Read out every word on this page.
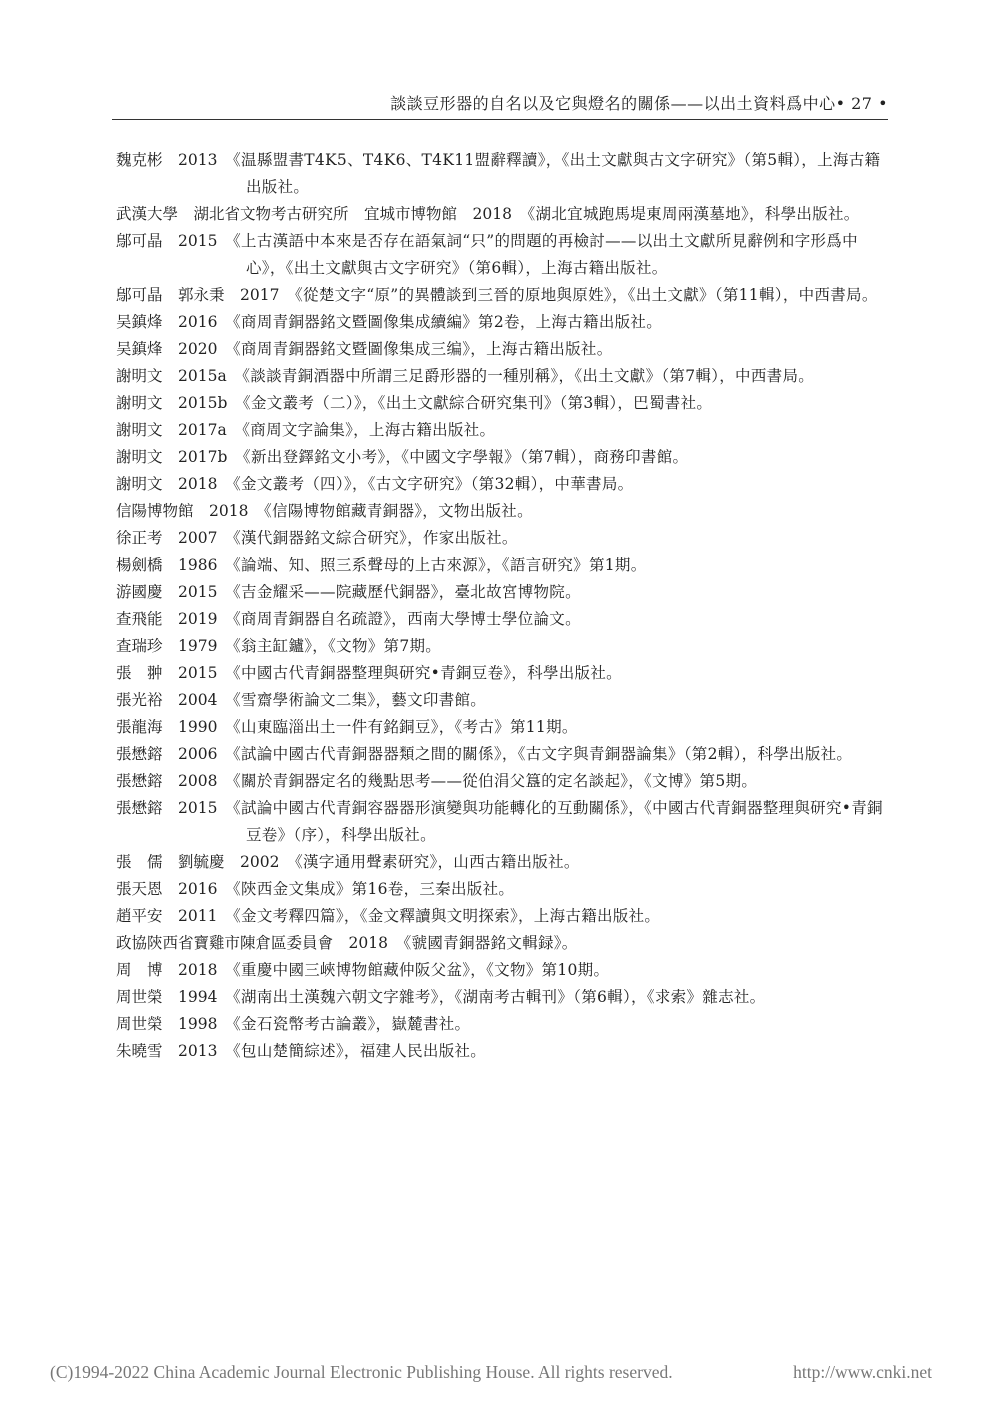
談談豆形器的自名以及它與燈名的關係——以出土資料爲中心• 27 •
魏克彬　 2013　 《温縣盟書T4K5、T4K6、T4K11盟辭釋讀》，《出土文獻與古文字研究》（第5輯），上海古籍出版社。
武漢大學　湖北省文物考古研究所　宜城市博物館　 2018　 《湖北宜城跑馬堤東周兩漢墓地》，科學出版社。
鄔可晶　 2015　 《上古漢語中本來是否存在語氣詞“只”的問題的再檢討——以出土文獻所見辭例和字形爲中心》，《出土文獻與古文字研究》（第6輯），上海古籍出版社。
鄔可晶　郭永秉　 2017　 《從楚文字“原”的異體談到三晉的原地與原姓》，《出土文獻》（第11輯），中西書局。
吴鎮烽　 2016　 《商周青銅器銘文暨圖像集成續編》第2卷，上海古籍出版社。
吴鎮烽　 2020　 《商周青銅器銘文暨圖像集成三编》，上海古籍出版社。
謝明文　 2015a　 《談談青銅酒器中所謂三足爵形器的一種別稱》，《出土文獻》（第7輯），中西書局。
謝明文　 2015b　 《金文叢考（二）》，《出土文獻綜合研究集刊》（第3輯），巴蜀書社。
謝明文　 2017a　 《商周文字論集》，上海古籍出版社。
謝明文　 2017b　 《新出登鐸銘文小考》，《中國文字學報》（第7輯），商務印書館。
謝明文　 2018　 《金文叢考（四）》，《古文字研究》（第32輯），中華書局。
信陽博物館　 2018　 《信陽博物館藏青銅器》，文物出版社。
徐正考　 2007　 《漢代銅器銘文綜合研究》，作家出版社。
楊劍橋　 1986　 《論端、知、照三系聲母的上古來源》，《語言研究》第1期。
游國慶　 2015　 《吉金耀采——院藏歷代銅器》，臺北故宮博物院。
查飛能　 2019　 《商周青銅器自名疏證》，西南大學博士學位論文。
查瑞珍　 1979　 《翁主缸鑪》，《文物》第7期。
張　翀　 2015　 《中國古代青銅器整理與研究•青銅豆卷》，科學出版社。
張光裕　 2004　 《雪齋學術論文二集》，藝文印書館。
張龍海　 1990　 《山東臨淄出土一件有銘銅豆》，《考古》第11期。
張懋鎔　 2006　 《試論中國古代青銅器器類之間的關係》，《古文字與青銅器論集》（第2輯），科學出版社。
張懋鎔　 2008　 《關於青銅器定名的幾點思考——從伯涓父簋的定名談起》，《文博》第5期。
張懋鎔　 2015　 《試論中國古代青銅容器器形演變與功能轉化的互動關係》，《中國古代青銅器整理與研究•青銅豆卷》（序），科學出版社。
張　儒　劉毓慶　 2002　 《漢字通用聲素研究》，山西古籍出版社。
張天恩　 2016　 《陝西金文集成》第16卷，三秦出版社。
趙平安　 2011　 《金文考釋四篇》，《金文釋讀與文明探索》，上海古籍出版社。
政協陝西省寶雞市陳倉區委員會　 2018　 《虢國青銅器銘文輯録》。
周　博　 2018　 《重慶中國三峽博物館藏仲阪父盆》，《文物》第10期。
周世榮　 1994　 《湖南出土漢魏六朝文字雜考》，《湖南考古輯刊》（第6輯），《求索》雜志社。
周世榮　 1998　 《金石瓷幣考古論叢》，嶽麓書社。
朱曉雪　 2013　 《包山楚簡綜述》，福建人民出版社。
(C)1994-2022 China Academic Journal Electronic Publishing House. All rights reserved.	http://www.cnki.net
